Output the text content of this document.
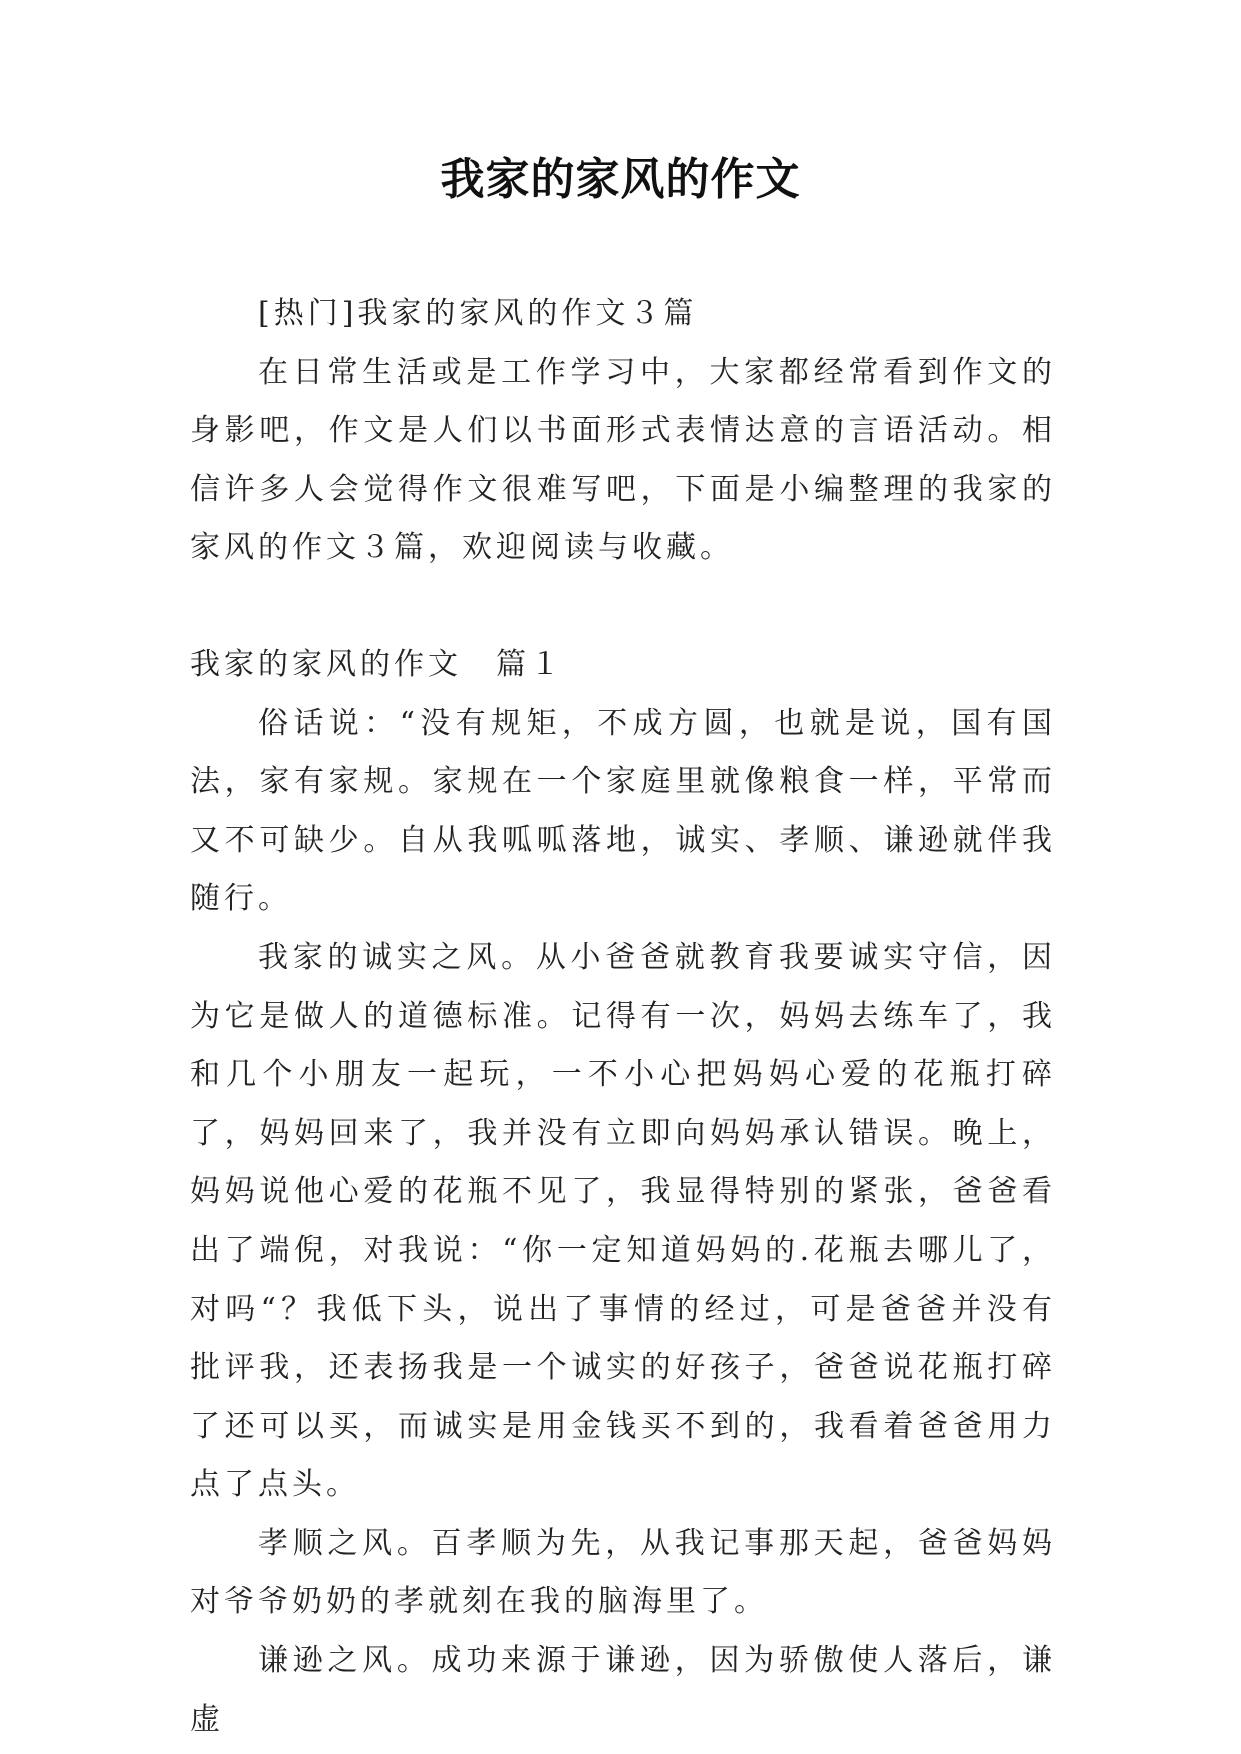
我家的家风的作文

[热门]我家的家风的作文３篇

在日常生活或是工作学习中，大家都经常看到作文的身影吧，作文是人们以书面形式表情达意的言语活动。相信许多人会觉得作文很难写吧，下面是小编整理的我家的家风的作文３篇，欢迎阅读与收藏。

我家的家风的作文　篇１

俗话说：“没有规矩，不成方圆，也就是说，国有国法，家有家规。家规在一个家庭里就像粮食一样，平常而又不可缺少。自从我呱呱落地，诚实、孝顺、谦逊就伴我随行。

我家的诚实之风。从小爸爸就教育我要诚实守信，因为它是做人的道德标准。记得有一次，妈妈去练车了，我和几个小朋友一起玩，一不小心把妈妈心爱的花瓶打碎了，妈妈回来了，我并没有立即向妈妈承认错误。晚上，妈妈说他心爱的花瓶不见了，我显得特别的紧张，爸爸看出了端倪，对我说：“你一定知道妈妈的.花瓶去哪儿了，对吗“？我低下头，说出了事情的经过，可是爸爸并没有批评我，还表扬我是一个诚实的好孩子，爸爸说花瓶打碎了还可以买，而诚实是用金钱买不到的，我看着爸爸用力点了点头。

孝顺之风。百孝顺为先，从我记事那天起，爸爸妈妈对爷爷奶奶的孝就刻在我的脑海里了。

谦逊之风。成功来源于谦逊，因为骄傲使人落后，谦虚
